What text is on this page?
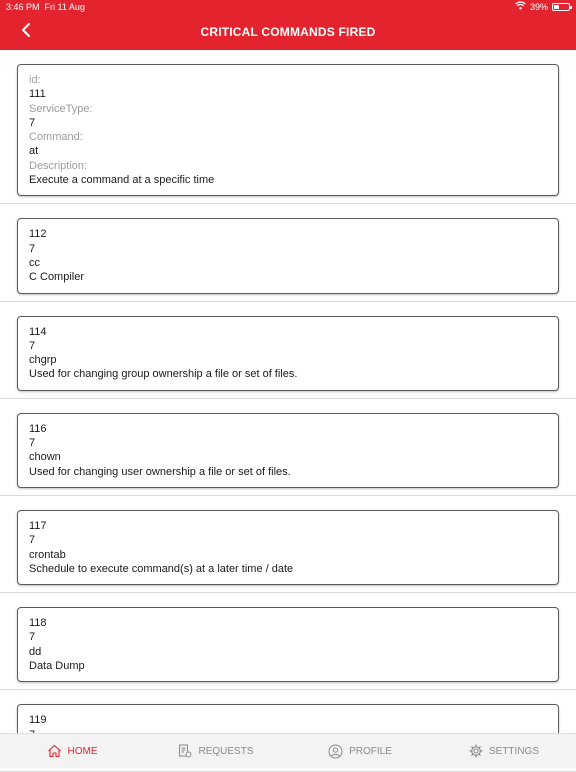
3:46 PM Fri 11 Aug	39%
CRITICAL COMMANDS FIRED
id:
111
ServiceType:
7
Command:
at
Description:
Execute a command at a specific time
112
7
cc
C Compiler
114
7
chgrp
Used for changing group ownership a file or set of files.
116
7
chown
Used for changing user ownership a file or set of files.
117
7
crontab
Schedule to execute command(s) at a later time / date
118
7
dd
Data Dump
119
HOME	REQUESTS	PROFILE	SETTINGS
